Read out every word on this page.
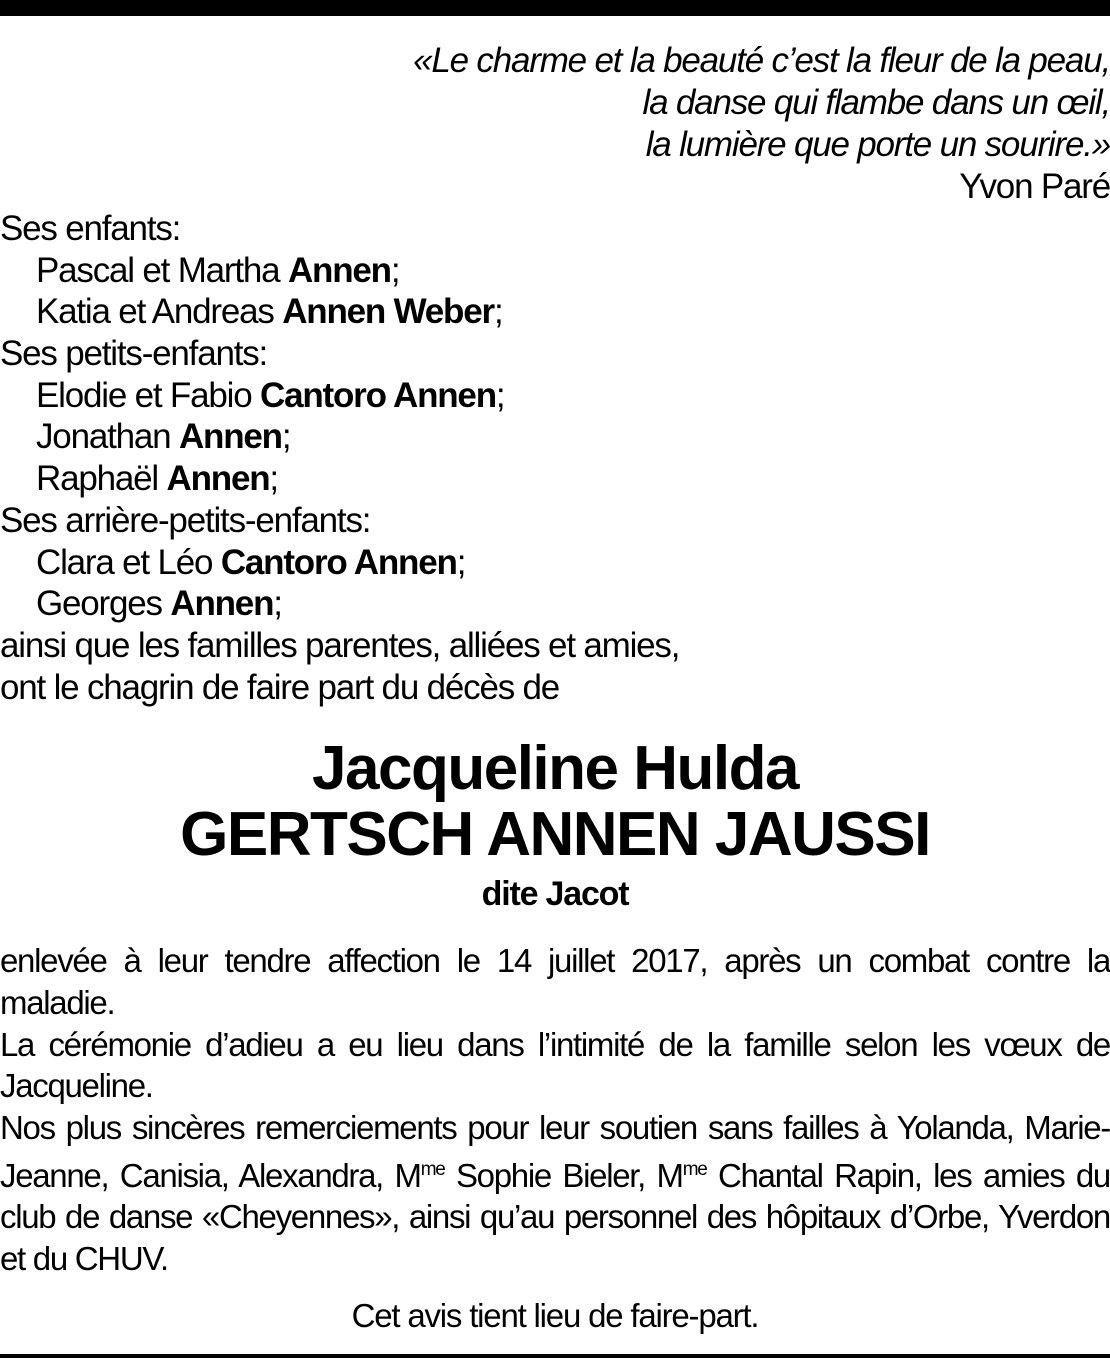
«Le charme et la beauté c’est la fleur de la peau,
la danse qui flambe dans un œil,
la lumière que porte un sourire.»
Yvon Paré
Ses enfants:
Pascal et Martha Annen;
Katia et Andreas Annen Weber;
Ses petits-enfants:
Elodie et Fabio Cantoro Annen;
Jonathan Annen;
Raphaël Annen;
Ses arrière-petits-enfants:
Clara et Léo Cantoro Annen;
Georges Annen;
ainsi que les familles parentes, alliées et amies,
ont le chagrin de faire part du décès de
Jacqueline Hulda
GERTSCH ANNEN JAUSSI
dite Jacot

enlevée à leur tendre affection le 14 juillet 2017, après un combat contre la maladie.

La cérémonie d’adieu a eu lieu dans l’intimité de la famille selon les vœux de Jacqueline.

Nos plus sincères remerciements pour leur soutien sans failles à Yolanda, Marie-Jeanne, Canisia, Alexandra, $M^{me}$ Sophie Bieler, $M^{me}$ Chantal Rapin, les amies du club de danse «Cheyennes», ainsi qu’au personnel des hôpitaux d’Orbe, Yverdon et du CHUV.

Cet avis tient lieu de faire-part.
